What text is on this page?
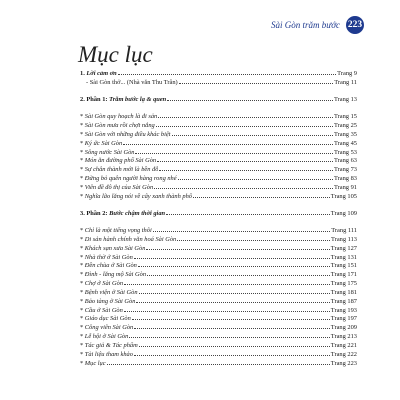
Sài Gòn trăm bước 223
Mục lục
1. Lời cảm ơn	Trang 9
- Sài Gòn thở... (Nhà văn Thu Trân)	Trang 11
2. Phần 1: Trăm bước lạ & quen	Trang 13
* Sài Gòn quy hoạch là đi sản	Trang 15
* Sài Gòn mưa rồi chợt nắng	Trang 25
* Sài Gòn với những điều khác biệt	Trang 35
* Ký ức Sài Gòn	Trang 45
* Sông nước Sài Gòn	Trang 53
* Món ăn đường phố Sài Gòn	Trang 63
* Sự chân thành mới là bền đỗ	Trang 73
* Đừng bỏ quên người hàng rong nhé	Trang 83
* Viên đề đô thị của Sài Gòn	Trang 91
* Nghĩa lão lăng nói về cây xanh thành phố	Trang 105
3. Phần 2: Bước chậm thời gian	Trang 109
* Chỉ là một tiếng vọng thôi	Trang 111
* Di sản hành chính văn hoá Sài Gòn	Trang 113
* Khách sạn xưa Sài Gòn	Trang 127
* Nhà thờ ở Sài Gòn	Trang 131
* Đền chùa ở Sài Gòn	Trang 151
* Đình - lăng mộ Sài Gòn	Trang 171
* Chợ ở Sài Gòn	Trang 175
* Bệnh viện ở Sài Gòn	Trang 181
* Bảo tàng ở Sài Gòn	Trang 187
* Cầu ở Sài Gòn	Trang 193
* Giáo dục Sài Gòn	Trang 197
* Công viên Sài Gòn	Trang 209
* Lễ hội ở Sài Gòn	Trang 213
* Tác giả & Tác phẩm	Trang 221
* Tài liệu tham khảo	Trang 222
* Mục lục	Trang 223
